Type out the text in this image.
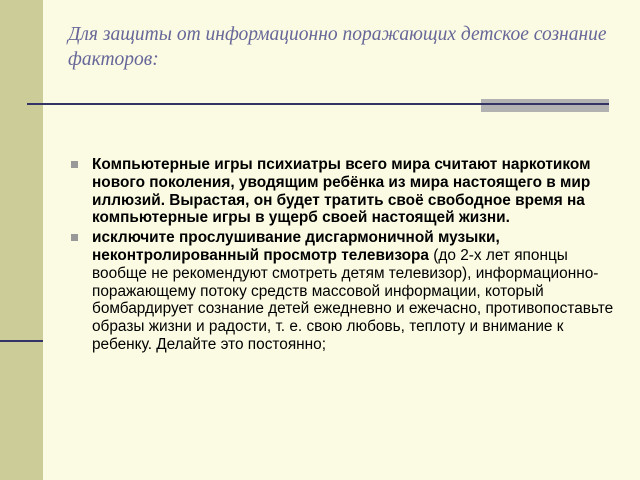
Для защиты от информационно поражающих детское сознание факторов:
Компьютерные игры психиатры всего мира считают наркотиком нового поколения, уводящим ребёнка из мира настоящего в мир иллюзий. Вырастая, он будет тратить своё свободное время на компьютерные игры в ущерб своей настоящей жизни.
исключите прослушивание дисгармоничной музыки, неконтролированный просмотр телевизора (до 2-х лет японцы вообще не рекомендуют смотреть детям телевизор), информационно-поражающему потоку средств массовой информации, который бомбардирует сознание детей ежедневно и ежечасно, противопоставьте образы жизни и радости, т. е. свою любовь, теплоту и внимание к ребенку. Делайте это постоянно;
